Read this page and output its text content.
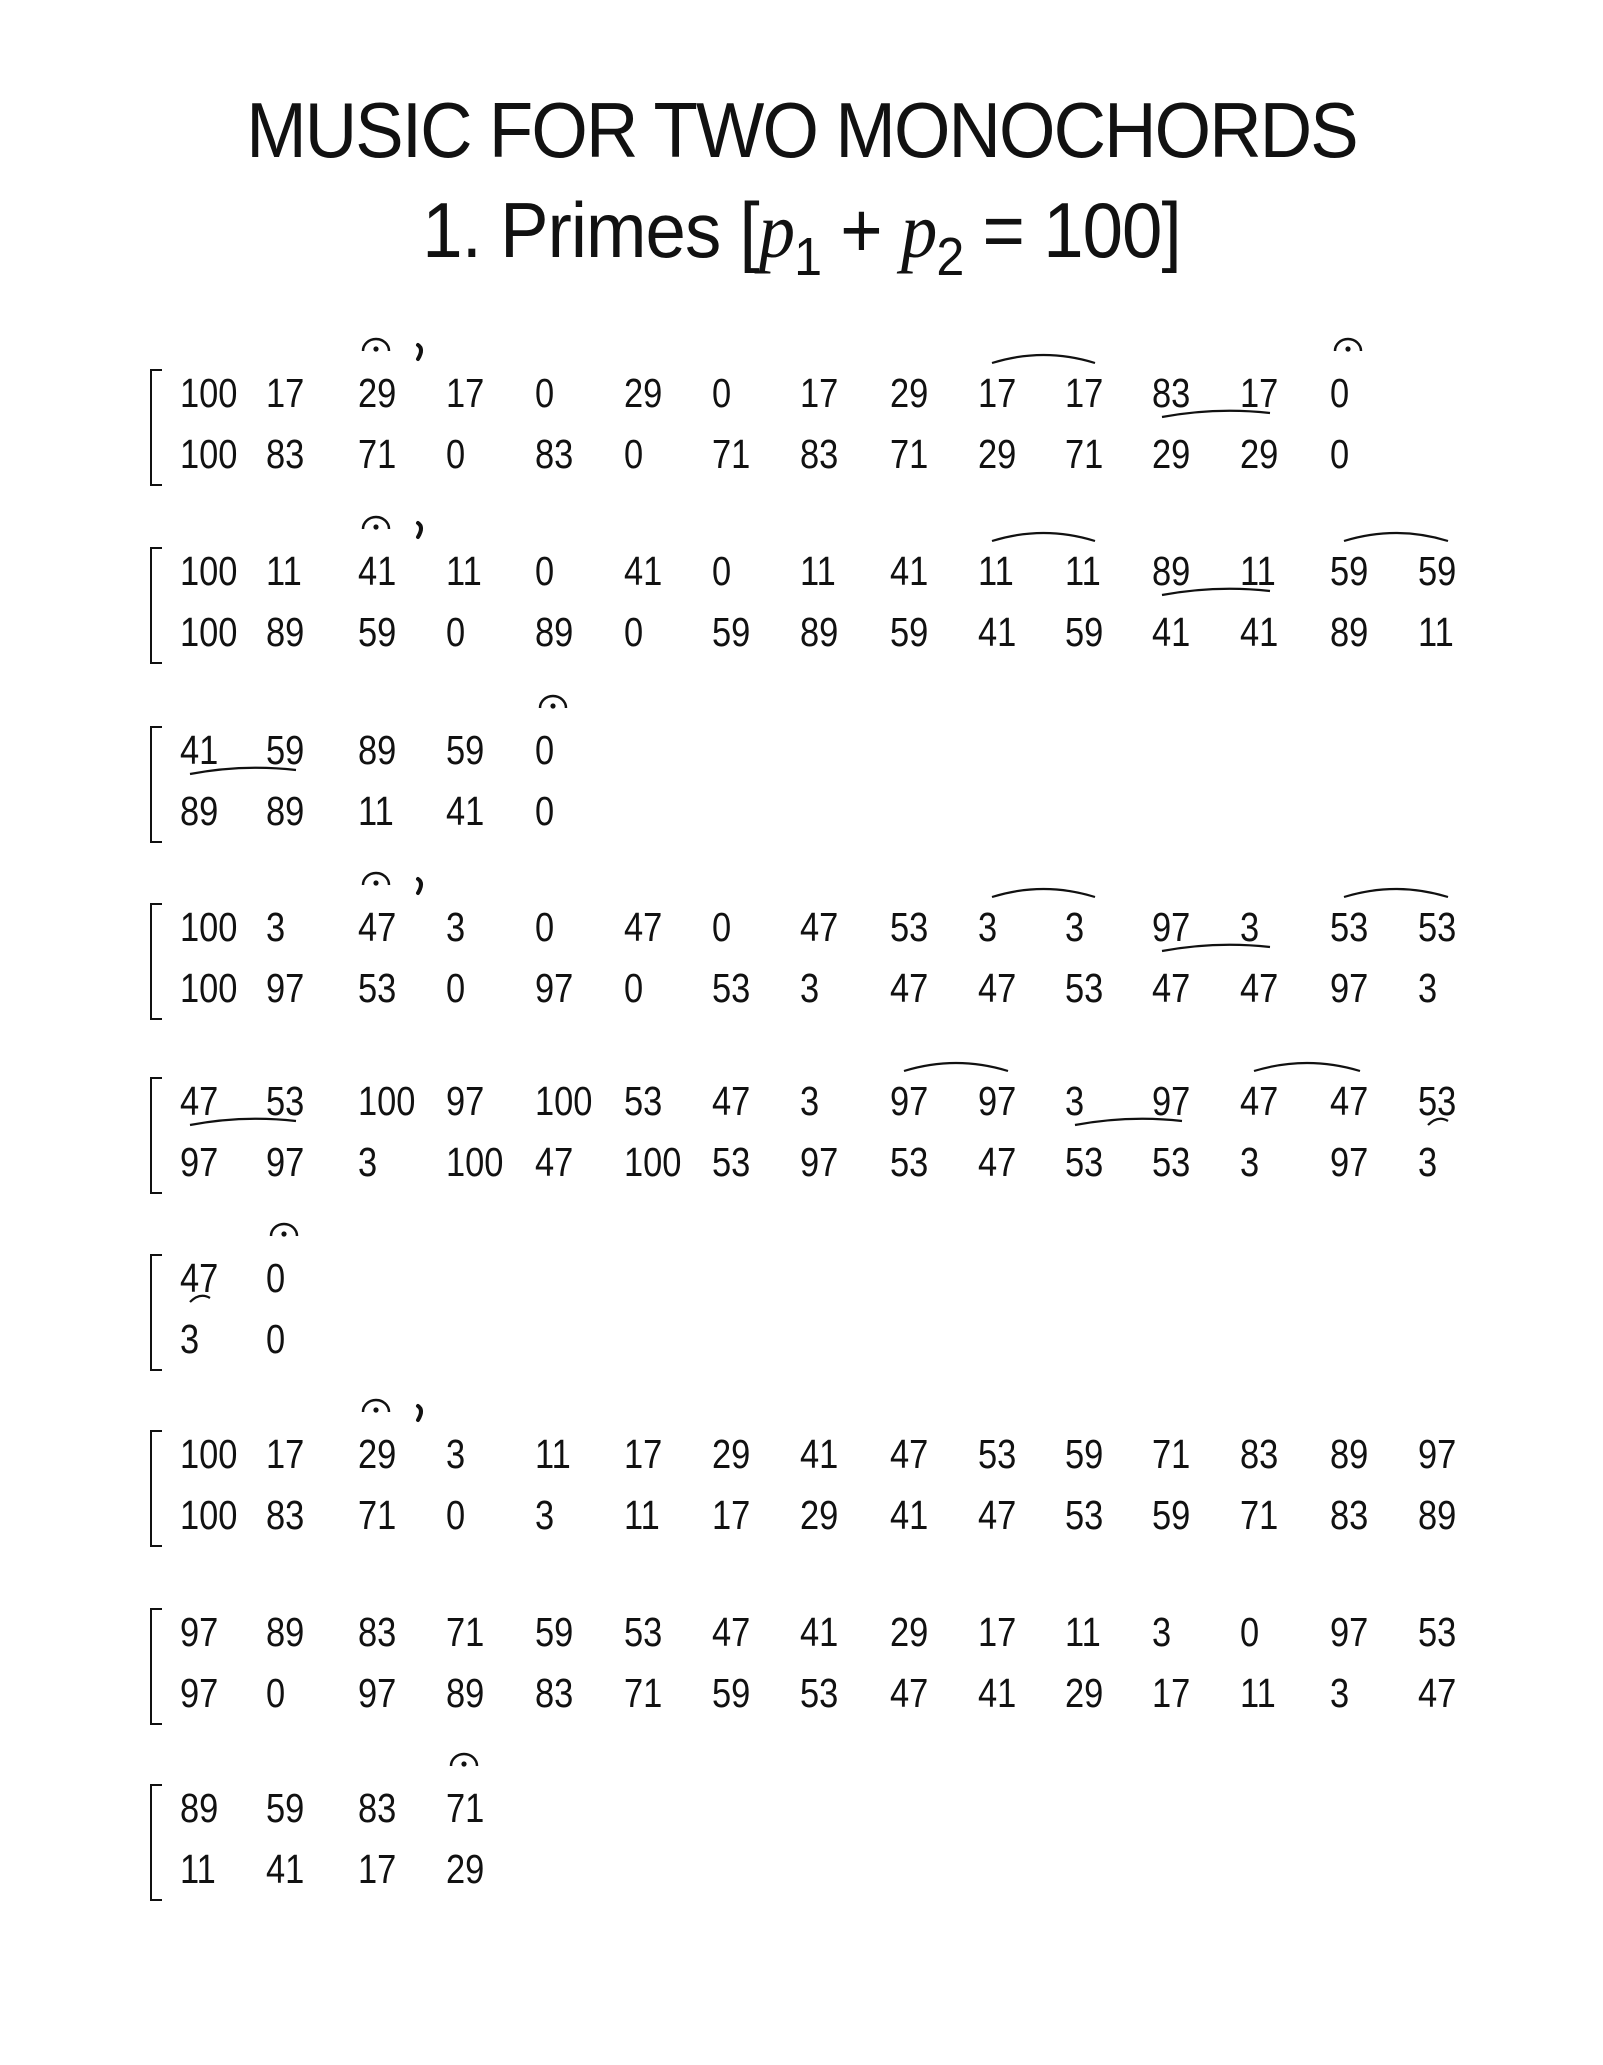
MUSIC FOR TWO MONOCHORDS
1. Primes $[p_1 + p_2 = 100]$
100 17 29 17 0 29 0 17 29 17 17 83 17 0
100 83 71 0 83 0 71 83 71 29 71 29 29 0
100 11 41 11 0 41 0 11 41 11 11 89 11 59 59
100 89 59 0 89 0 59 89 59 41 59 41 41 89 11
41 59 89 59 0
89 89 11 41 0
100 3 47 3 0 47 0 47 53 3 3 97 3 53 53
100 97 53 0 97 0 53 3 47 47 53 47 47 97 3
47 53 100 97 100 53 47 3 97 97 3 97 47 47 53
97 97 3 100 47 100 53 97 53 47 53 53 3 97 3
47 0
3 0
100 17 29 3 11 17 29 41 47 53 59 71 83 89 97
100 83 71 0 3 11 17 29 41 47 53 59 71 83 89
97 89 83 71 59 53 47 41 29 17 11 3 0 97 53
97 0 97 89 83 71 59 53 47 41 29 17 11 3 47
89 59 83 71
11 41 17 29
